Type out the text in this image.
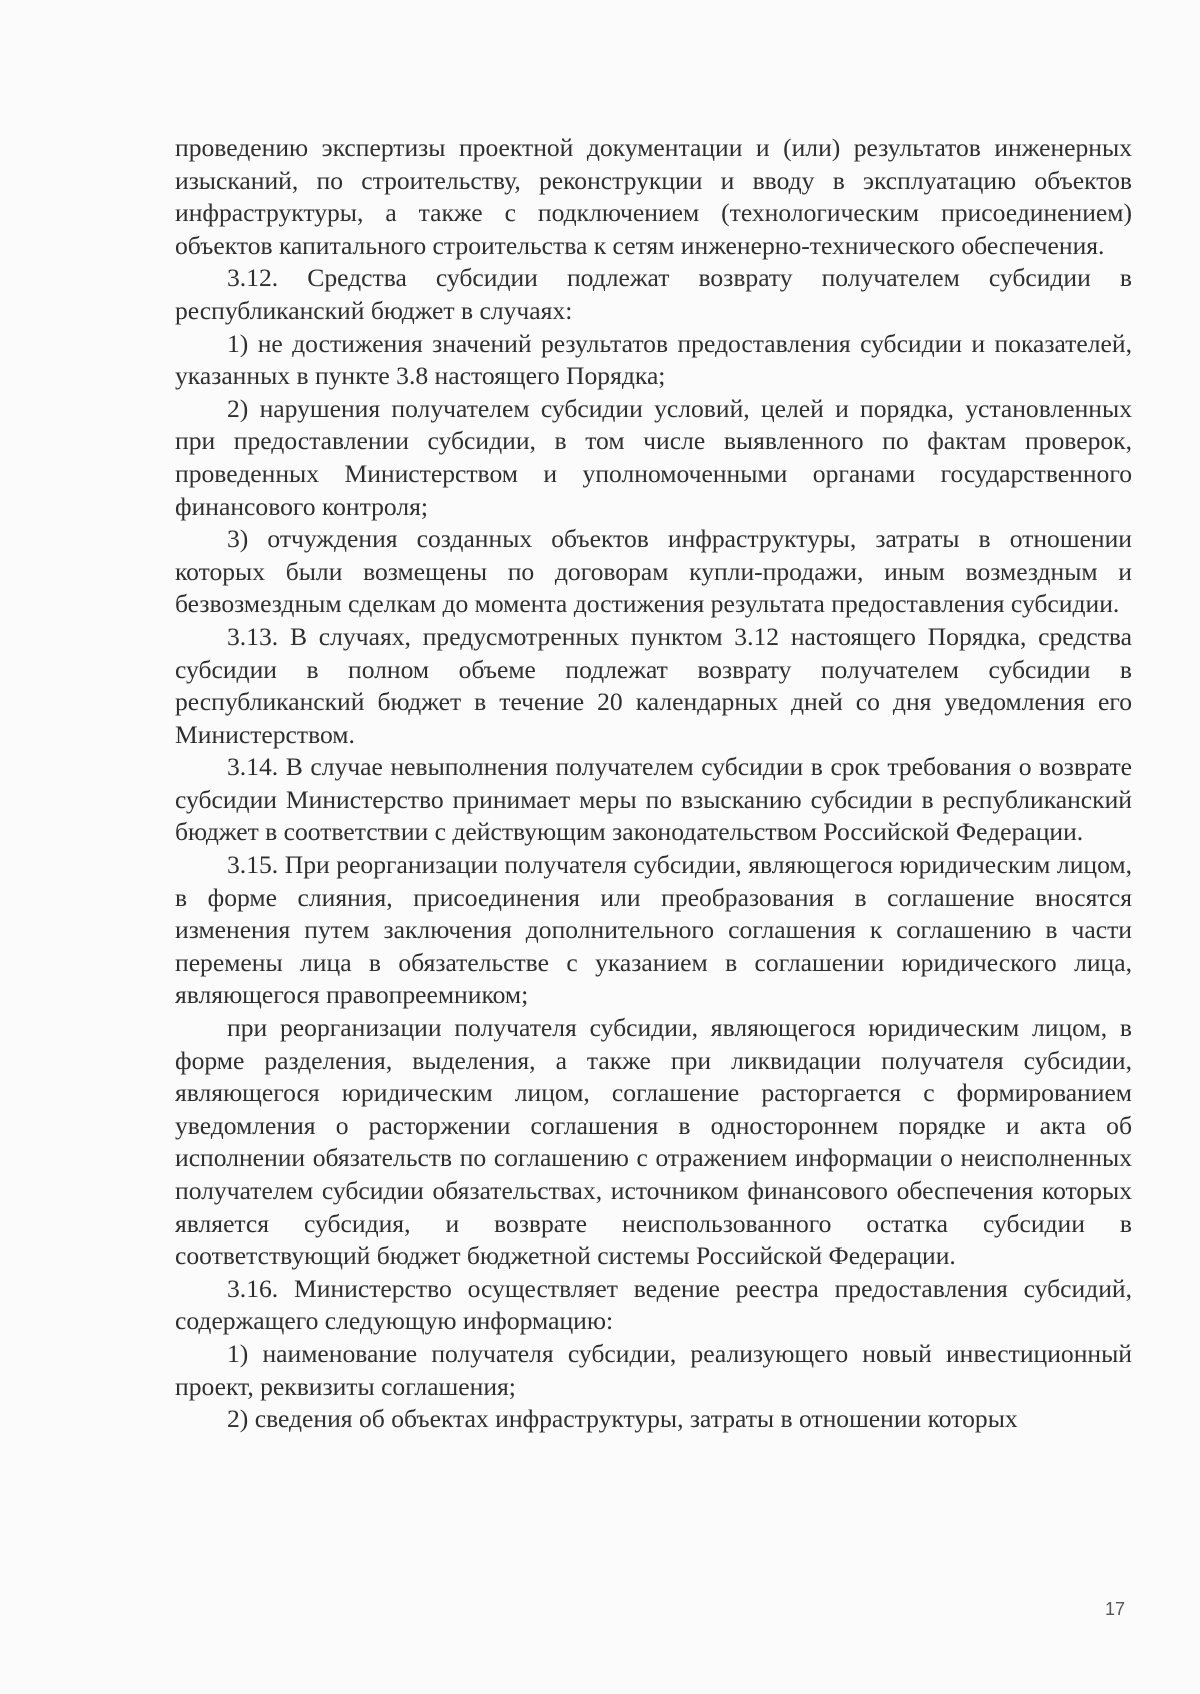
проведению экспертизы проектной документации и (или) результатов инженерных изысканий, по строительству, реконструкции и вводу в эксплуатацию объектов инфраструктуры, а также с подключением (технологическим присоединением) объектов капитального строительства к сетям инженерно-технического обеспечения.

3.12. Средства субсидии подлежат возврату получателем субсидии в республиканский бюджет в случаях:

1) не достижения значений результатов предоставления субсидии и показателей, указанных в пункте 3.8 настоящего Порядка;

2) нарушения получателем субсидии условий, целей и порядка, установленных при предоставлении субсидии, в том числе выявленного по фактам проверок, проведенных Министерством и уполномоченными органами государственного финансового контроля;

3) отчуждения созданных объектов инфраструктуры, затраты в отношении которых были возмещены по договорам купли-продажи, иным возмездным и безвозмездным сделкам до момента достижения результата предоставления субсидии.

3.13. В случаях, предусмотренных пунктом 3.12 настоящего Порядка, средства субсидии в полном объеме подлежат возврату получателем субсидии в республиканский бюджет в течение 20 календарных дней со дня уведомления его Министерством.

3.14. В случае невыполнения получателем субсидии в срок требования о возврате субсидии Министерство принимает меры по взысканию субсидии в республиканский бюджет в соответствии с действующим законодательством Российской Федерации.

3.15. При реорганизации получателя субсидии, являющегося юридическим лицом, в форме слияния, присоединения или преобразования в соглашение вносятся изменения путем заключения дополнительного соглашения к соглашению в части перемены лица в обязательстве с указанием в соглашении юридического лица, являющегося правопреемником;

при реорганизации получателя субсидии, являющегося юридическим лицом, в форме разделения, выделения, а также при ликвидации получателя субсидии, являющегося юридическим лицом, соглашение расторгается с формированием уведомления о расторжении соглашения в одностороннем порядке и акта об исполнении обязательств по соглашению с отражением информации о неисполненных получателем субсидии обязательствах, источником финансового обеспечения которых является субсидия, и возврате неиспользованного остатка субсидии в соответствующий бюджет бюджетной системы Российской Федерации.

3.16. Министерство осуществляет ведение реестра предоставления субсидий, содержащего следующую информацию:

1) наименование получателя субсидии, реализующего новый инвестиционный проект, реквизиты соглашения;

2) сведения об объектах инфраструктуры, затраты в отношении которых

17
